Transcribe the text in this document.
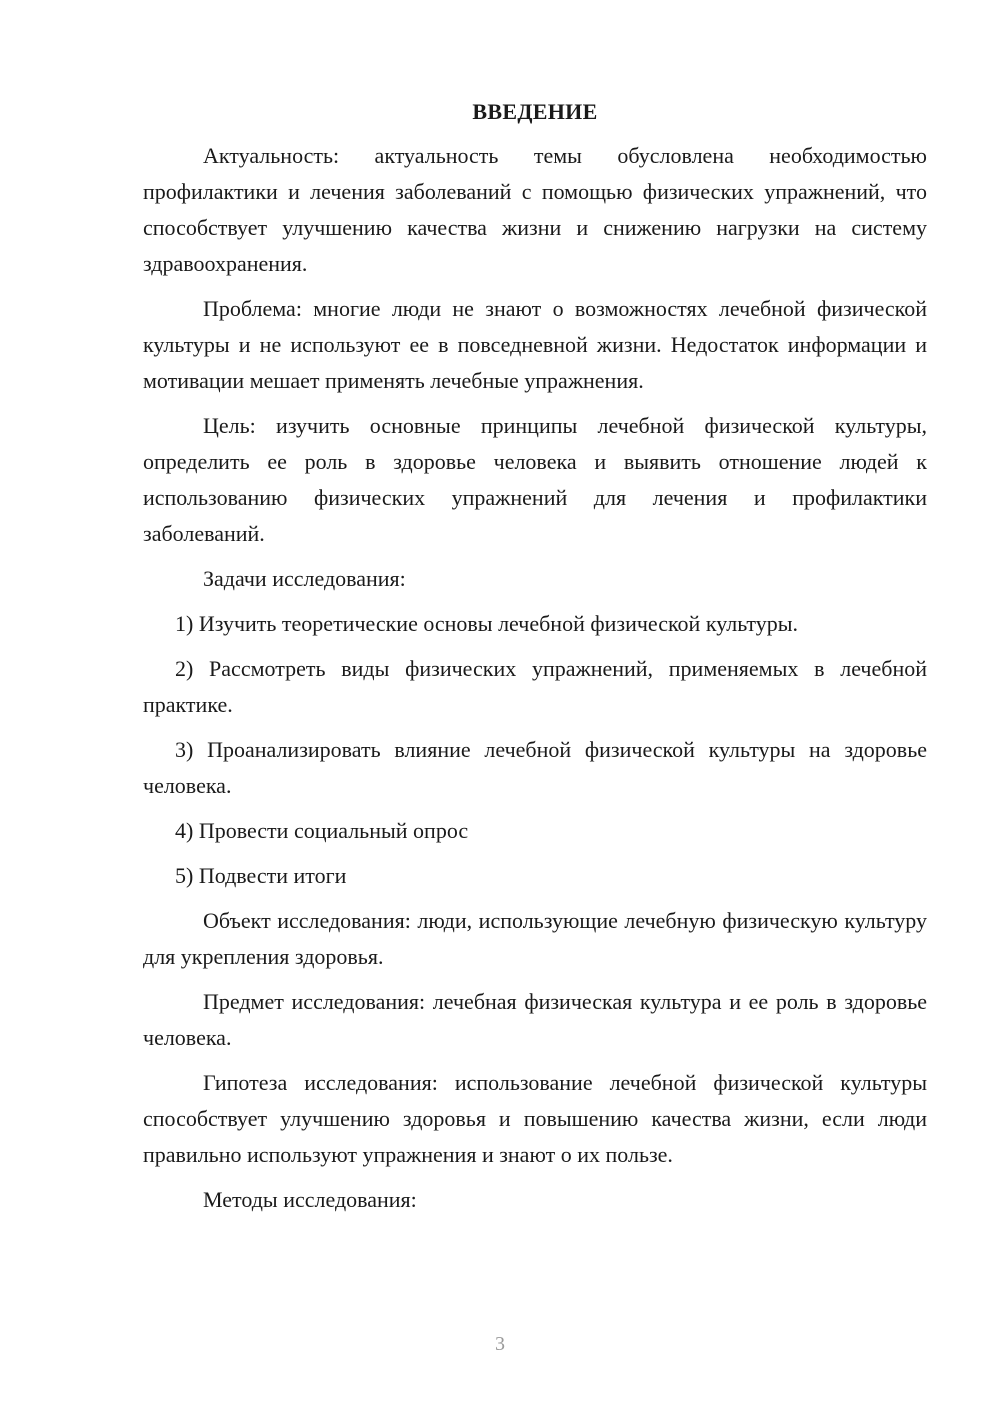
ВВЕДЕНИЕ

Актуальность: актуальность темы обусловлена необходимостью профилактики и лечения заболеваний с помощью физических упражнений, что способствует улучшению качества жизни и снижению нагрузки на систему здравоохранения.

Проблема: многие люди не знают о возможностях лечебной физической культуры и не используют ее в повседневной жизни. Недостаток информации и мотивации мешает применять лечебные упражнения.

Цель: изучить основные принципы лечебной физической культуры, определить ее роль в здоровье человека и выявить отношение людей к использованию физических упражнений для лечения и профилактики заболеваний.

Задачи исследования:

1) Изучить теоретические основы лечебной физической культуры.

2) Рассмотреть виды физических упражнений, применяемых в лечебной практике.

3) Проанализировать влияние лечебной физической культуры на здоровье человека.

4) Провести социальный опрос

5) Подвести итоги

Объект исследования: люди, использующие лечебную физическую культуру для укрепления здоровья.

Предмет исследования: лечебная физическая культура и ее роль в здоровье человека.

Гипотеза исследования: использование лечебной физической культуры способствует улучшению здоровья и повышению качества жизни, если люди правильно используют упражнения и знают о их пользе.

Методы исследования:

3
